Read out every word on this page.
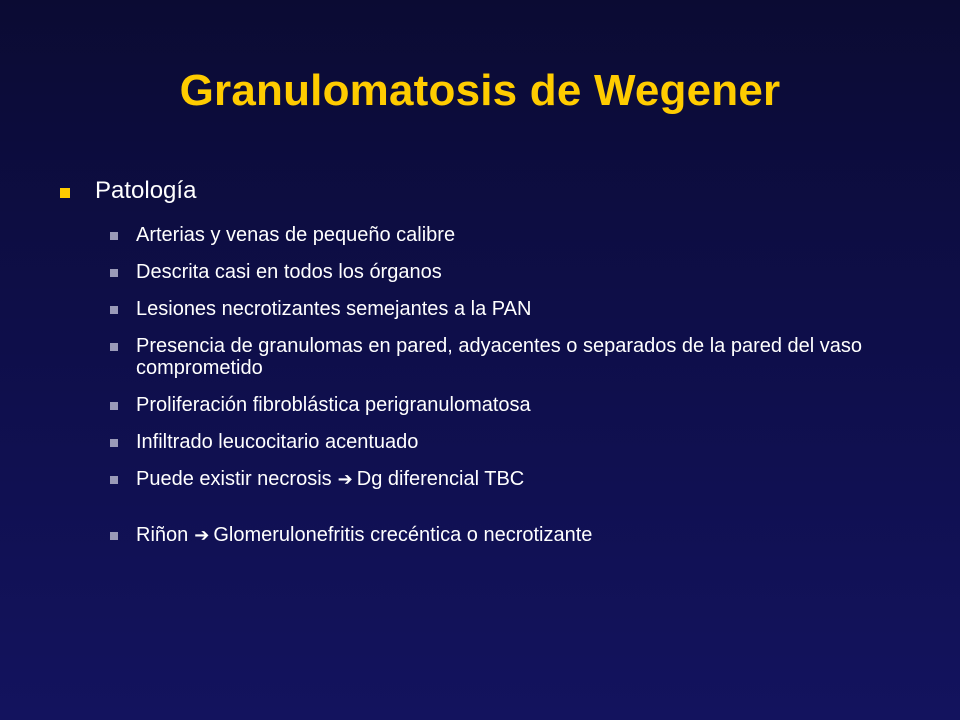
Granulomatosis de Wegener
Patología
Arterias y venas de pequeño calibre
Descrita casi en todos los órganos
Lesiones necrotizantes semejantes a la PAN
Presencia de granulomas en pared, adyacentes o separados de la pared del vaso comprometido
Proliferación fibroblástica perigranulomatosa
Infiltrado leucocitario acentuado
Puede existir necrosis ➔ Dg diferencial TBC
Riñon ➔ Glomerulonefritis crecéntica o necrotizante
